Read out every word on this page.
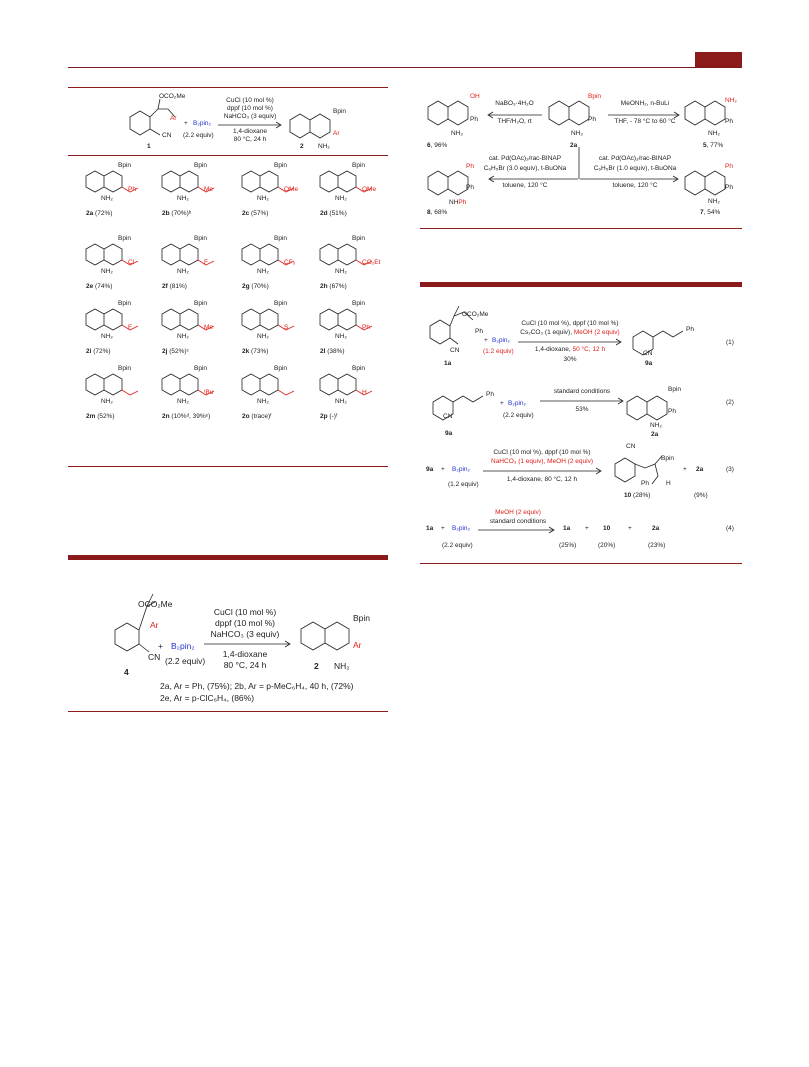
OCO₂Me
Ar
CN
1
+ B₂pin₂
(2.2 equiv)
CuCl (10 mol %)
dppf (10 mol %)
NaHCO₃ (3 equiv)
1,4-dioxane
80 °C, 24 h
Bpin
Ar
NH₂
2
Bpin
Ph
NH₂
2a (72%)
Bpin
Me
NH₂
2b (70%)ᵇ
Bpin
OMe
NH₂
2c (57%)
Bpin
OMe
NH₂
2d (51%)
Bpin
Cl
NH₂
2e (74%)
Bpin
F
NH₂
2f (81%)
Bpin
CF₃
NH₂
2g (70%)
Bpin
CO₂Et
NH₂
2h (67%)
Bpin
F
NH₂
2i (72%)
Bpin
Me
NH₂
2j (52%)ᶜ
Bpin
S
NH₂
2k (73%)
Bpin
Ph
NH₂
2l (38%)
Bpin
NH₂
2m (52%)
Bpin
ᵗBu
NH₂
2n (10%ᵈ, 39%ᵉ)
Bpin
NH₂
2o (trace)ᶠ
Bpin
H
NH₂
2p (-)ᶠ
OCO₂Me
Ar
CN
4
+ B₂pin₂
(2.2 equiv)
CuCl (10 mol %)
dppf (10 mol %)
NaHCO₃ (3 equiv)
1,4-dioxane
80 °C, 24 h
Bpin
Ar
NH₂
2
2a, Ar = Ph, (75%); 2b, Ar = p-MeC₆H₄, 40 h, (72%)
2e, Ar = p-ClC₆H₄, (86%)
OH
Ph
NH₂
6, 96%
NaBO₃·4H₂O
THF/H₂O, rt
Bpin
Ph
NH₂
2a
MeONH₂, n-BuLi
THF, - 78 °C to 60 °C
NH₂
Ph
NH₂
5, 77%
Ph
Ph
NHPh
8, 68%
cat. Pd(OAc)₂/rac-BINAP
C₆H₅Br (3.0 equiv), t-BuONa
toluene, 120 °C
cat. Pd(OAc)₂/rac-BINAP
C₆H₅Br (1.0 equiv), t-BuONa
toluene, 120 °C
Ph
Ph
NH₂
7, 54%
OCO₂Me
Ph
CN
1a
+ B₂pin₂
(1.2 equiv)
CuCl (10 mol %), dppf (10 mol %)
Cs₂CO₃ (1 equiv), MeOH (2 equiv)
1,4-dioxane, 50 °C, 12 h
30%
Ph
CN
9a
(1)
Ph
CN
9a
+ B₂pin₂
(2.2 equiv)
standard conditions
53%
Bpin
Ph
NH₂
2a
(2)
9a + B₂pin₂
(1.2 equiv)
CuCl (10 mol %), dppf (10 mol %)
NaHCO₃ (1 equiv), MeOH (2 equiv)
1,4-dioxane, 80 °C, 12 h
CN
Bpin
Ph	H
10 (28%)
+ 2a
(9%)
(3)
1a + B₂pin₂
(2.2 equiv)
MeOH (2 equiv)
standard conditions
1a
(25%)
+ 10
(20%)
+	2a
(23%)
(4)
